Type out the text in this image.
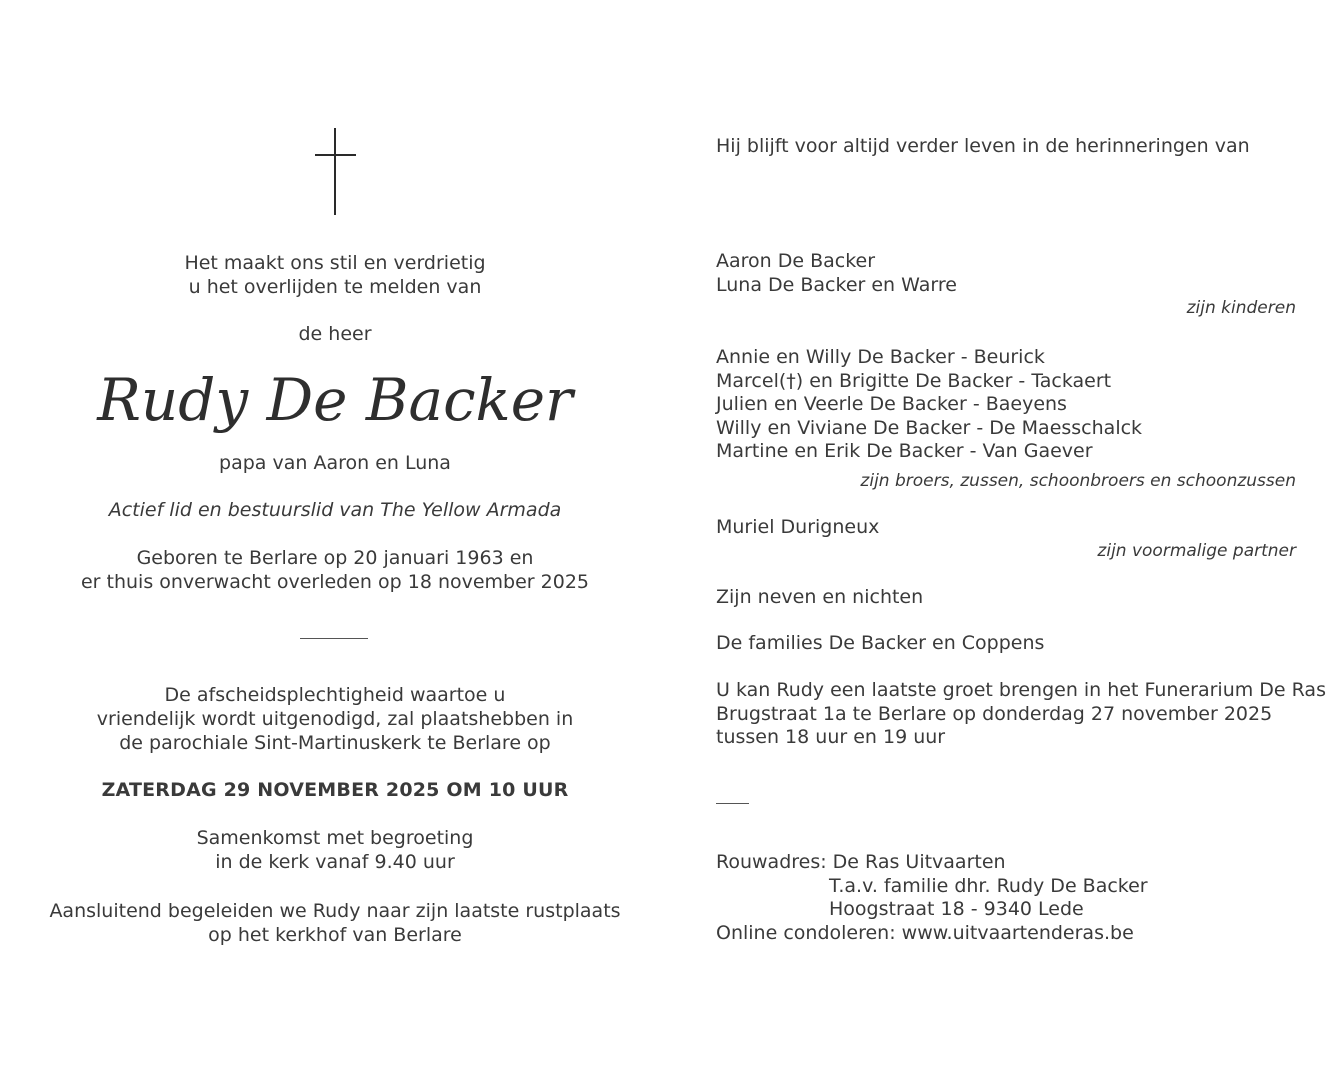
Het maakt ons stil en verdrietig
u het overlijden te melden van
de heer
Rudy De Backer
papa van Aaron en Luna
Actief lid en bestuurslid van The Yellow Armada
Geboren te Berlare op 20 januari 1963 en
er thuis onverwacht overleden op 18 november 2025
De afscheidsplechtigheid waartoe u
vriendelijk wordt uitgenodigd, zal plaatshebben in
de parochiale Sint-Martinuskerk te Berlare op
ZATERDAG 29 NOVEMBER 2025 OM 10 UUR
Samenkomst met begroeting
in de kerk vanaf 9.40 uur
Aansluitend begeleiden we Rudy naar zijn laatste rustplaats
op het kerkhof van Berlare
Hij blijft voor altijd verder leven in de herinneringen van
Aaron De Backer
Luna De Backer en Warre
zijn kinderen
Annie en Willy De Backer - Beurick
Marcel(†) en Brigitte De Backer - Tackaert
Julien en Veerle De Backer - Baeyens
Willy en Viviane De Backer - De Maesschalck
Martine en Erik De Backer - Van Gaever
zijn broers, zussen, schoonbroers en schoonzussen
Muriel Durigneux
zijn voormalige partner
Zijn neven en nichten
De families De Backer en Coppens
U kan Rudy een laatste groet brengen in het Funerarium De Ras
Brugstraat 1a te Berlare op donderdag 27 november 2025
tussen 18 uur en 19 uur
Rouwadres: De Ras Uitvaarten
T.a.v. familie dhr. Rudy De Backer
Hoogstraat 18 - 9340 Lede
Online condoleren: www.uitvaartenderas.be
